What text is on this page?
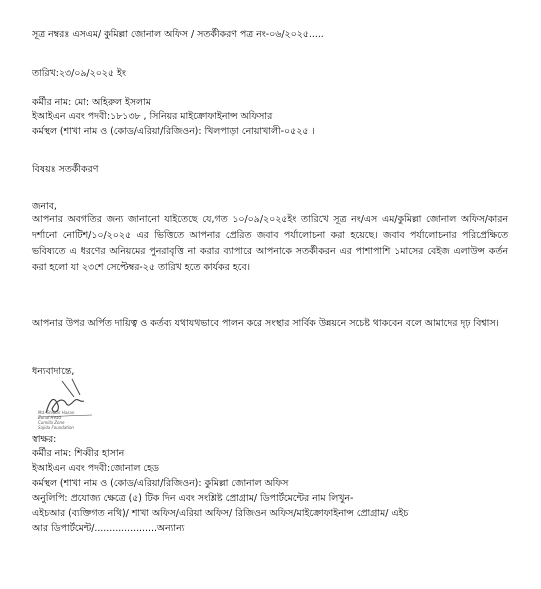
সূত্র নম্বরঃ এসএম/ কুমিল্লা জোনাল অফিস / সতর্কীকরণ পত্র নং-০৬/২০২৫.....
তারিখ:২৩/০৯/২০২৫ ইং
কর্মীর নাম: মো: অহিরুল ইসলাম
ইআইএন এবং পদবী:১৮১৩৮ , সিনিয়র মাইক্রোফাইনান্স অফিসার
কর্মস্থল (শাখা নাম ও (কোড/এরিয়া/রিজিওন): খিলপাড়া নোয়াখালী-০৫২৫ ।
বিষয়ঃ সতর্কীকরণ
জনাব,
আপনার অবগতির জন্য জানানো যাইতেছে যে,গত ১০/০৯/২০২৫ইং তারিখে সূত্র নং/এস এম/কুমিল্লা জোনাল অফিস/কারন দর্শানো নোটিশ/১০/২০২৫ এর ভিত্তিতে আপনার প্রেরিত জবাব পর্যালোচনা করা হয়েছে। জবাব পর্যালোচনার পরিপ্রেক্ষিতে ভবিষ্যতে এ ধরণের অনিয়মের পুনরাবৃত্তি না করার ব্যাপারে আপনাকে সতর্কীকরন এর পাশাপাশি ১মাসের বেইজ এলাউন্স কর্তন করা হলো যা ২৩শে সেপ্টেম্বর-২৫ তারিখ হতে কার্যকর হবে।
আপনার উপর অর্পিত দায়িত্ব ও কর্তব্য যথাযথভাবে পালন করে সংস্থার সার্বিক উন্নয়নে সচেষ্ট থাকবেন বলে আমাদের দৃঢ় বিশ্বাস।
ধন্যবাদান্তে,
Md. Shibbir Hasan
Zonal Head
Cumilla Zone
Sajida Foundation
স্বাক্ষর:
কর্মীর নাম: শিব্বীর হাসান
ইআইএন এবং পদবী:জোনাল হেড
কর্মস্থল (শাখা নাম ও (কোড/এরিয়া/রিজিওন): কুমিল্লা জোনাল অফিস
অনুলিপি: প্রযোজ্য ক্ষেত্রে (৫) টিক দিন এবং সংশ্লিষ্ট প্রোগ্রাম/ ডিপার্টমেন্টের নাম লিখুন-
এইচআর (ব্যক্তিগত নথি)/ শাখা অফিস/এরিয়া অফিস/ রিজিওন অফিস/মাইক্রোফাইনান্স প্রোগ্রাম/ এইচ
আর ডিপার্টমেন্ট/.....................অন্যান্য
